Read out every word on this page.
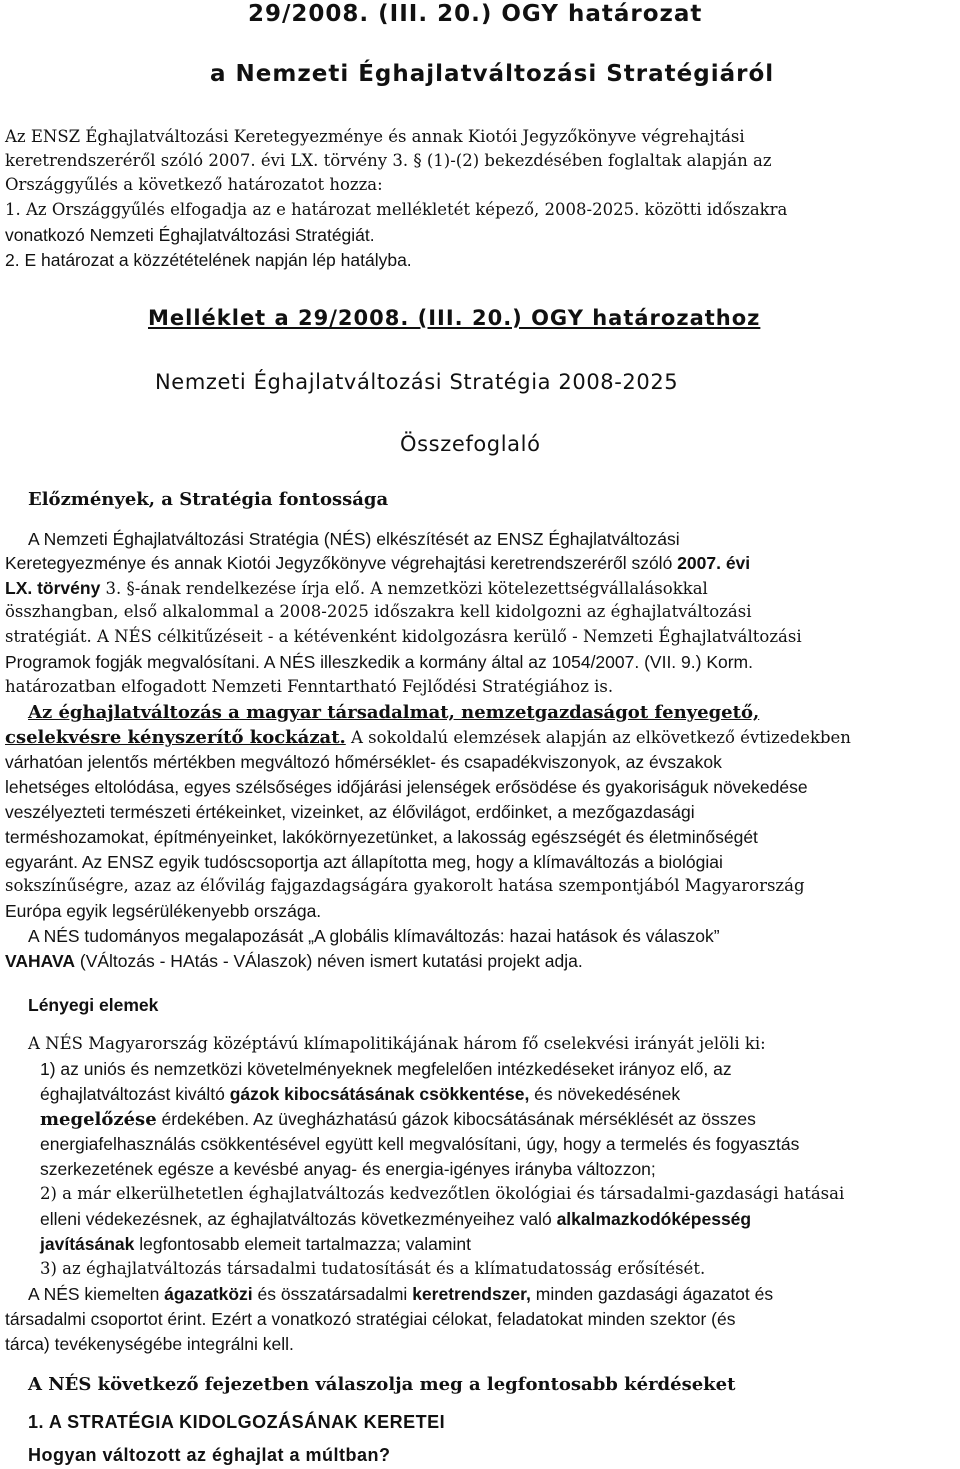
29/2008. (III. 20.) OGY határozat
a Nemzeti Éghajlatváltozási Stratégiáról
Az ENSZ Éghajlatváltozási Keretegyezménye és annak Kiotói Jegyzőkönyve végrehajtási
keretrendszeréről szóló 2007. évi LX. törvény 3. § (1)-(2) bekezdésében foglaltak alapján az
Országgyűlés a következő határozatot hozza:
1. Az Országgyűlés elfogadja az e határozat mellékletét képező, 2008-2025. közötti időszakra
vonatkozó Nemzeti Éghajlatváltozási Stratégiát.
2. E határozat a közzétételének napján lép hatályba.
Melléklet a 29/2008. (III. 20.) OGY határozathoz
Nemzeti Éghajlatváltozási Stratégia 2008-2025
Összefoglaló
Előzmények, a Stratégia fontossága
A Nemzeti Éghajlatváltozási Stratégia (NÉS) elkészítését az ENSZ Éghajlatváltozási
Keretegyezménye és annak Kiotói Jegyzőkönyve végrehajtási keretrendszeréről szóló 2007. évi
LX. törvény 3. §-ának rendelkezése írja elő. A nemzetközi kötelezettségvállalásokkal
összhangban, első alkalommal a 2008-2025 időszakra kell kidolgozni az éghajlatváltozási
stratégiát. A NÉS célkitűzéseit - a kétévenként kidolgozásra kerülő - Nemzeti Éghajlatváltozási
Programok fogják megvalósítani. A NÉS illeszkedik a kormány által az 1054/2007. (VII. 9.) Korm.
határozatban elfogadott Nemzeti Fenntartható Fejlődési Stratégiához is.
Az éghajlatváltozás a magyar társadalmat, nemzetgazdaságot fenyegető,
cselekvésre kényszerítő kockázat. A sokoldalú elemzések alapján az elkövetkező évtizedekben
várhatóan jelentős mértékben megváltozó hőmérséklet- és csapadékviszonyok, az évszakok
lehetséges eltolódása, egyes szélsőséges időjárási jelenségek erősödése és gyakoriságuk növekedése
veszélyezteti természeti értékeinket, vizeinket, az élővilágot, erdőinket, a mezőgazdasági
terméshozamokat, építményeinket, lakókörnyezetünket, a lakosság egészségét és életminőségét
egyaránt. Az ENSZ egyik tudóscsoportja azt állapította meg, hogy a klímaváltozás a biológiai
sokszínűségre, azaz az élővilág fajgazdagságára gyakorolt hatása szempontjából Magyarország
Európa egyik legsérülékenyebb országa.
A NÉS tudományos megalapozását „A globális klímaváltozás: hazai hatások és válaszok”
VAHAVA (VÁltozás - HAtás - VÁlaszok) néven ismert kutatási projekt adja.
Lényegi elemek
A NÉS Magyarország középtávú klímapolitikájának három fő cselekvési irányát jelöli ki:
1) az uniós és nemzetközi követelményeknek megfelelően intézkedéseket irányoz elő, az
éghajlatváltozást kiváltó gázok kibocsátásának csökkentése, és növekedésének
megelőzése érdekében. Az üvegházhatású gázok kibocsátásának mérséklését az összes
energiafelhasználás csökkentésével együtt kell megvalósítani, úgy, hogy a termelés és fogyasztás
szerkezetének egésze a kevésbé anyag- és energia-igényes irányba változzon;
2) a már elkerülhetetlen éghajlatváltozás kedvezőtlen ökológiai és társadalmi-gazdasági hatásai
elleni védekezésnek, az éghajlatváltozás következményeihez való alkalmazkodóképesség
javításának legfontosabb elemeit tartalmazza; valamint
3) az éghajlatváltozás társadalmi tudatosítását és a klímatudatosság erősítését.
A NÉS kiemelten ágazatközi és összatársadalmi keretrendszer, minden gazdasági ágazatot és
társadalmi csoportot érint. Ezért a vonatkozó stratégiai célokat, feladatokat minden szektor (és
tárca) tevékenységébe integrálni kell.
A NÉS következő fejezetben válaszolja meg a legfontosabb kérdéseket
1. A STRATÉGIA KIDOLGOZÁSÁNAK KERETEI
Hogyan változott az éghajlat a múltban?
